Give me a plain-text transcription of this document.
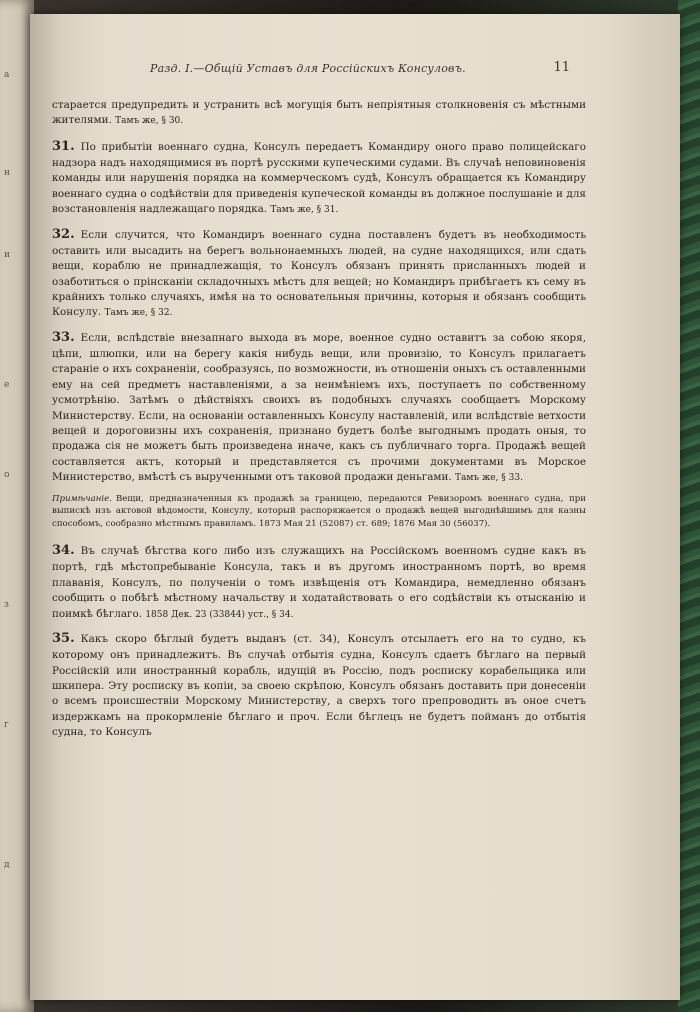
а
н
и
е
о
з
г
д
Разд. I.—Общій Уставъ для Россійскихъ Консуловъ.	11

старается предупредить и устранить всѣ могущія быть непріятныя столкновенія съ мѣстными жителями. Тамъ же, § 30.

31. По прибытіи военнаго судна, Консулъ передаетъ Командиру оного право полицейскаго надзора надъ находящимися въ портѣ русскими купеческими судами. Въ случаѣ неповиновенія команды или нарушенія порядка на коммерческомъ судѣ, Консулъ обращается къ Командиру военнаго судна о содѣйствіи для приведенія купеческой команды въ должное послушаніе и для возстановленія надлежащаго порядка. Тамъ же, § 31.

32. Если случится, что Командиръ военнаго судна поставленъ будетъ въ необходимость оставить или высадить на берегъ вольнонаемныхъ людей, на судне находящихся, или сдать вещи, кораблю не принадлежащія, то Консулъ обязанъ принять присланныхъ людей и озаботиться о прінсканіи складочныхъ мѣстъ для вещей; но Командиръ прибѣгаетъ къ сему въ крайнихъ только случаяхъ, имѣя на то основательныя причины, которыя и обязанъ сообщить Консулу. Тамъ же, § 32.

33. Если, вслѣдствіе внезапнаго выхода въ море, военное судно оставитъ за собою якоря, цѣпи, шлюпки, или на берегу какія нибудь вещи, или провизію, то Консулъ прилагаетъ стараніе о ихъ сохраненіи, сообразуясь, по возможности, въ отношеніи оныхъ съ оставленными ему на сей предметъ наставленіями, а за неимѣніемъ ихъ, поступаетъ по собственному усмотрѣнію. Затѣмъ о дѣйствіяхъ своихъ въ подобныхъ случаяхъ сообщаетъ Морскому Министерству. Если, на основаніи оставленныхъ Консулу наставленій, или вслѣдствіе ветхости вещей и дороговизны ихъ сохраненія, признано будетъ болѣе выгоднымъ продать оныя, то продажа сія не можетъ быть произведена иначе, какъ съ публичнаго торга. Продажѣ вещей составляется актъ, который и представляется съ прочими документами въ Морское Министерство, вмѣстѣ съ вырученными отъ таковой продажи деньгами. Тамъ же, § 33.

Примѣчаніе. Вещи, предназначенныя къ продажѣ за границею, передаются Ревизоромъ военнаго судна, при выпискѣ изъ актовой вѣдомости, Консулу, который распоряжается о продажѣ вещей выгоднѣйшимъ для казны способомъ, сообразно мѣстнымъ правиламъ. 1873 Мая 21 (52087) ст. 689; 1876 Мая 30 (56037).

34. Въ случаѣ бѣгства кого либо изъ служащихъ на Россійскомъ военномъ судне какъ въ портѣ, гдѣ мѣстопребываніе Консула, такъ и въ другомъ иностранномъ портѣ, во время плаванія, Консулъ, по полученіи о томъ извѣщенія отъ Командира, немедленно обязанъ сообщить о побѣгѣ мѣстному начальству и ходатайствовать о его содѣйствіи къ отысканію и поимкѣ бѣглаго. 1858 Дек. 23 (33844) уст., § 34.

35. Какъ скоро бѣглый будетъ выданъ (ст. 34), Консулъ отсылаетъ его на то судно, къ которому онъ принадлежитъ. Въ случаѣ отбытія судна, Консулъ сдаетъ бѣглаго на первый Россійскій или иностранный корабль, идущій въ Россію, подъ росписку корабельщика или шкипера. Эту росписку въ копіи, за своею скрѣпою, Консулъ обязанъ доставить при донесеніи о всемъ происшествіи Морскому Министерству, а сверхъ того препроводить въ оное счетъ издержкамъ на прокормленіе бѣглаго и проч. Если бѣглецъ не будетъ пойманъ до отбытія судна, то Консулъ
